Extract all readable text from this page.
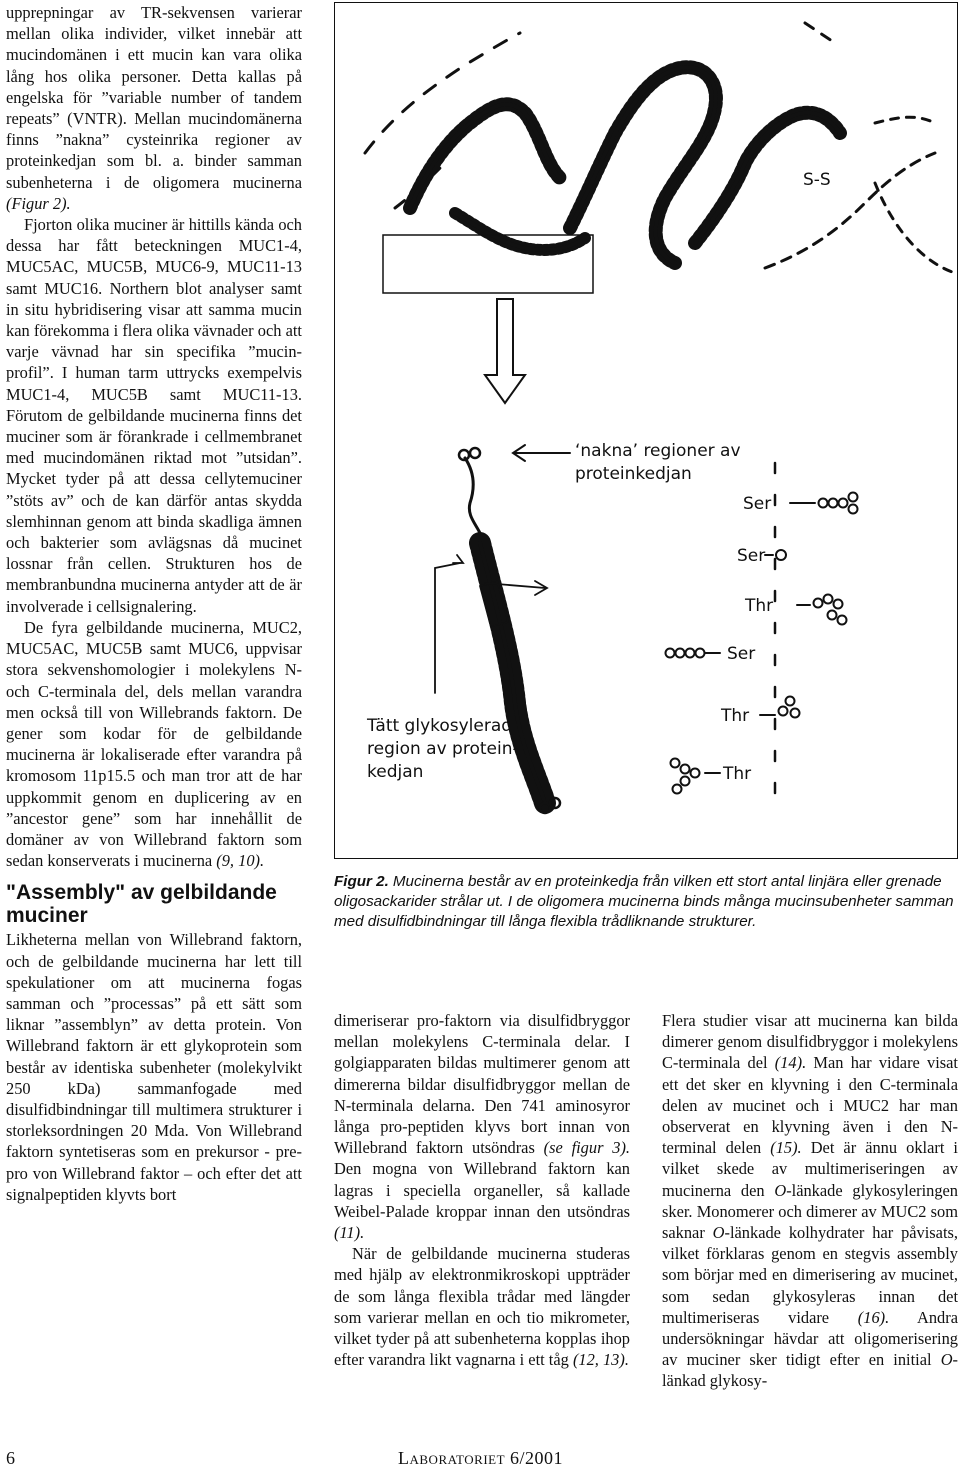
upprepningar av TR-sekvensen varierar mellan olika individer, vilket innebär att mucindomänen i ett mucin kan vara olika lång hos olika personer. Detta kallas på engelska för ”variable number of tandem repeats” (VNTR). Mellan mucindomänerna finns ”nakna” cysteinrika regioner av proteinkedjan som bl. a. binder samman subenheterna i de oligomera mucinerna (Figur 2).

Fjorton olika muciner är hittills kända och dessa har fått beteckningen MUC1-4, MUC5AC, MUC5B, MUC6-9, MUC11-13 samt MUC16. Northern blot analyser samt in situ hybridisering visar att samma mucin kan förekomma i flera olika vävnader och att varje vävnad har sin specifika ”mucin-profil”. I human tarm uttrycks exempelvis MUC1-4, MUC5B samt MUC11-13. Förutom de gelbildande mucinerna finns det muciner som är förankrade i cellmembranet med mucindomänen riktad mot ”utsidan”. Mycket tyder på att dessa cellytemuciner ”stöts av” och de kan därför antas skydda slemhinnan genom att binda skadliga ämnen och bakterier som avlägsnas då mucinet lossnar från cellen. Strukturen hos de membranbundna mucinerna antyder att de är involverade i cellsignalering.

De fyra gelbildande mucinerna, MUC2, MUC5AC, MUC5B samt MUC6, uppvisar stora sekvenshomologier i molekylens N- och C-terminala del, dels mellan varandra men också till von Willebrands faktorn. De gener som kodar för de gelbildande mucinerna är lokaliserade efter varandra på kromosom 11p15.5 och man tror att de har uppkommit genom en duplicering av en ”ancestor gene” som har innehållit de domäner av von Willebrand faktorn som sedan konserverats i mucinerna (9, 10).

"Assembly" av gelbildande muciner

Likheterna mellan von Willebrand faktorn, och de gelbildande mucinerna har lett till spekulationer om att mucinerna fogas samman och ”processas” på ett sätt som liknar ”assemblyn” av detta protein. Von Willebrand faktorn är ett glykoprotein som består av identiska subenheter (molekylvikt 250 kDa) sammanfogade med disulfidbindningar till multimera strukturer i storleksordningen 20 Mda. Von Willebrand faktorn syntetiseras som en prekursor - pre-pro von Willebrand faktor – och efter det att signalpeptiden klyvts bort

S-S
‘nakna’ regioner av
proteinkedjan
Tätt glykosylerad
region av protein-
kedjan
Ser
Ser
Thr
Ser
Thr
Thr
Figur 2. Mucinerna består av en proteinkedja från vilken ett stort antal linjära eller grenade oligosackarider strålar ut. I de oligomera mucinerna binds många mucinsubenheter samman med disulfidbindningar till långa flexibla trådliknande strukturer.

dimeriserar pro-faktorn via disulfidbryggor mellan molekylens C-terminala delar. I golgiapparaten bildas multimerer genom att dimererna bildar disulfidbryggor mellan de N-terminala delarna. Den 741 aminosyror långa pro-peptiden klyvs bort innan von Willebrand faktorn utsöndras (se figur 3). Den mogna von Willebrand faktorn kan lagras i speciella organeller, så kallade Weibel-Palade kroppar innan den utsöndras (11).

När de gelbildande mucinerna studeras med hjälp av elektronmikroskopi uppträder de som långa flexibla trådar med längder som varierar mellan en och tio mikrometer, vilket tyder på att subenheterna kopplas ihop efter varandra likt vagnarna i ett tåg (12, 13).

Flera studier visar att mucinerna kan bilda dimerer genom disulfidbryggor i molekylens C-terminala del (14). Man har vidare visat ett det sker en klyvning i den C-terminala delen av mucinet och i MUC2 har man observerat en klyvning även i den N-terminal delen (15). Det är ännu oklart i vilket skede av multimeriseringen av mucinerna den O-länkade glykosyleringen sker. Monomerer och dimerer av MUC2 som saknar O-länkade kolhydrater har påvisats, vilket förklaras genom en stegvis assembly som börjar med en dimerisering av mucinet, som sedan glykosyleras innan det multimeriseras vidare (16). Andra undersökningar hävdar att oligomerisering av muciner sker tidigt efter en initial O-länkad glykosy-

6	Laboratoriet 6/2001
